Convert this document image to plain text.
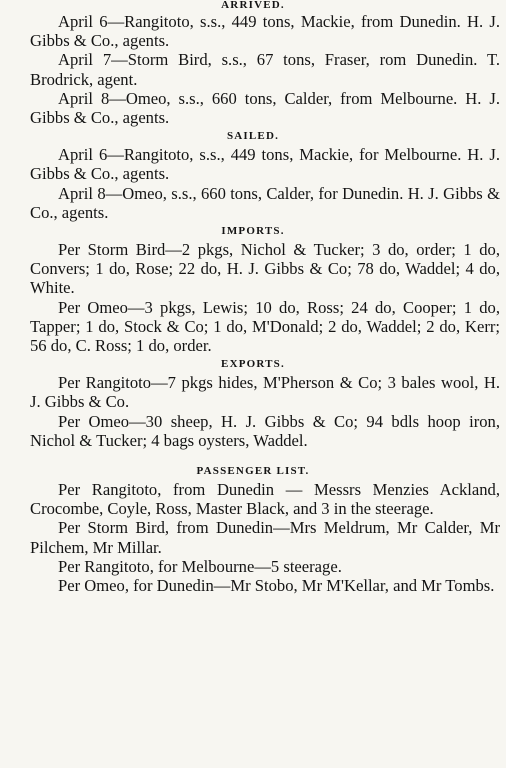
ARRIVED.

April 6—Rangitoto, s.s., 449 tons, Mackie, from Dunedin. H. J. Gibbs & Co., agents.

April 7—Storm Bird, s.s., 67 tons, Fraser, rom Dunedin. T. Brodrick, agent.

April 8—Omeo, s.s., 660 tons, Calder, from Melbourne. H. J. Gibbs & Co., agents.

SAILED.

April 6—Rangitoto, s.s., 449 tons, Mackie, for Melbourne. H. J. Gibbs & Co., agents.

April 8—Omeo, s.s., 660 tons, Calder, for Dunedin. H. J. Gibbs & Co., agents.

IMPORTS.

Per Storm Bird—2 pkgs, Nichol & Tucker; 3 do, order; 1 do, Convers; 1 do, Rose; 22 do, H. J. Gibbs & Co; 78 do, Waddel; 4 do, White.

Per Omeo—3 pkgs, Lewis; 10 do, Ross; 24 do, Cooper; 1 do, Tapper; 1 do, Stock & Co; 1 do, M'Donald; 2 do, Waddel; 2 do, Kerr; 56 do, C. Ross; 1 do, order.

EXPORTS.

Per Rangitoto—7 pkgs hides, M'Pherson & Co; 3 bales wool, H. J. Gibbs & Co.

Per Omeo—30 sheep, H. J. Gibbs & Co; 94 bdls hoop iron, Nichol & Tucker; 4 bags oysters, Waddel.

PASSENGER LIST.

Per Rangitoto, from Dunedin — Messrs Menzies Ackland, Crocombe, Coyle, Ross, Master Black, and 3 in the steerage.

Per Storm Bird, from Dunedin—Mrs Meldrum, Mr Calder, Mr Pilchem, Mr Millar.

Per Rangitoto, for Melbourne—5 steerage.

Per Omeo, for Dunedin—Mr Stobo, Mr M'Kellar, and Mr Tombs.
